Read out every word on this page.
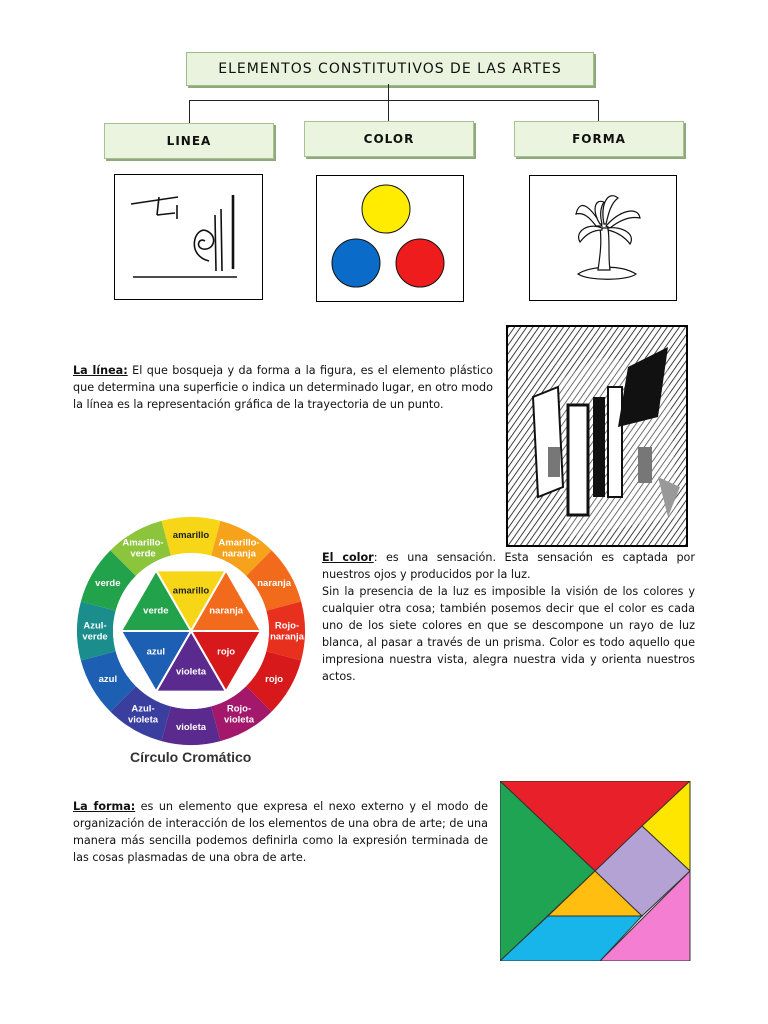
ELEMENTOS CONSTITUTIVOS DE LAS ARTES
LINEA	COLOR	FORMA
La línea: El que bosqueja y da forma a la figura, es el elemento plástico que determina una superficie o indica un determinado lugar, en otro modo la línea es la representación gráfica de la trayectoria de un punto.
amarillo
Amarillo-
naranja
naranja
Rojo-
naranja
rojo
Rojo-
violeta
violeta
Azul-
violeta
azul
Azul-
verde
verde
Amarillo-
verde
amarillo
naranja
rojo
violeta
azul
verde
Círculo Cromático
El color: es una sensación. Esta sensación es captada por nuestros ojos y producidos por la luz.
Sin la presencia de la luz es imposible la visión de los colores y cualquier otra cosa; también posemos decir que el color es cada uno de los siete colores en que se descompone un rayo de luz blanca, al pasar a través de un prisma. Color es todo aquello que impresiona nuestra vista, alegra nuestra vida y orienta nuestros actos.
La forma: es un elemento que expresa el nexo externo y el modo de organización de interacción de los elementos de una obra de arte; de una manera más sencilla podemos definirla como la expresión terminada de las cosas plasmadas de una obra de arte.
